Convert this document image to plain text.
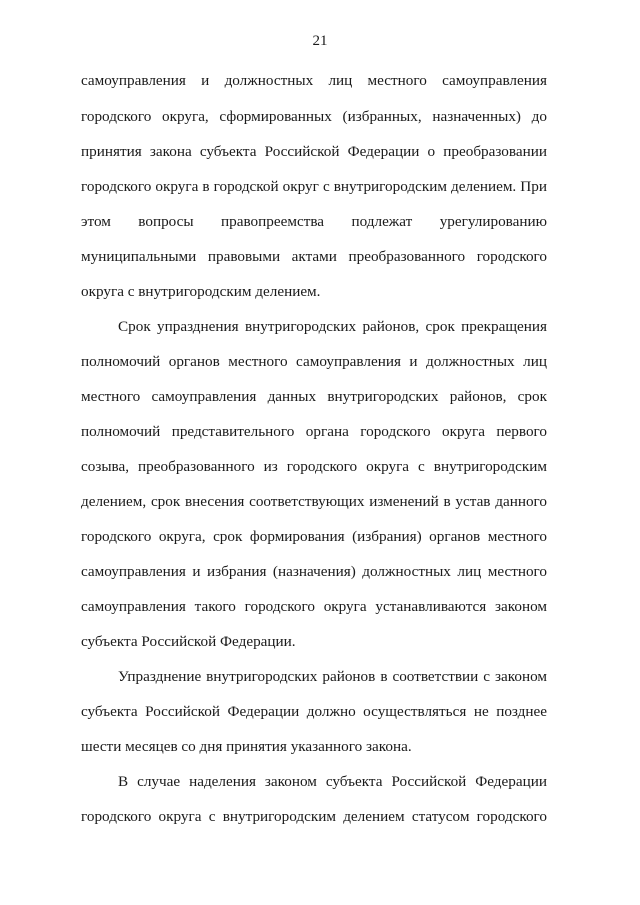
21
самоуправления и должностных лиц местного самоуправления
городского округа, сформированных (избранных, назначенных) до
принятия закона субъекта Российской Федерации о преобразовании
городского округа в городской округ с внутригородским делением. При
этом вопросы правопреемства подлежат урегулированию
муниципальными правовыми актами преобразованного городского
округа с внутригородским делением.
Срок упразднения внутригородских районов, срок прекращения
полномочий органов местного самоуправления и должностных лиц
местного самоуправления данных внутригородских районов, срок
полномочий представительного органа городского округа первого
созыва, преобразованного из городского округа с внутригородским
делением, срок внесения соответствующих изменений в устав данного
городского округа, срок формирования (избрания) органов местного
самоуправления и избрания (назначения) должностных лиц местного
самоуправления такого городского округа устанавливаются законом
субъекта Российской Федерации.
Упразднение внутригородских районов в соответствии с законом
субъекта Российской Федерации должно осуществляться не позднее
шести месяцев со дня принятия указанного закона.
В случае наделения законом субъекта Российской Федерации
городского округа с внутригородским делением статусом городского
